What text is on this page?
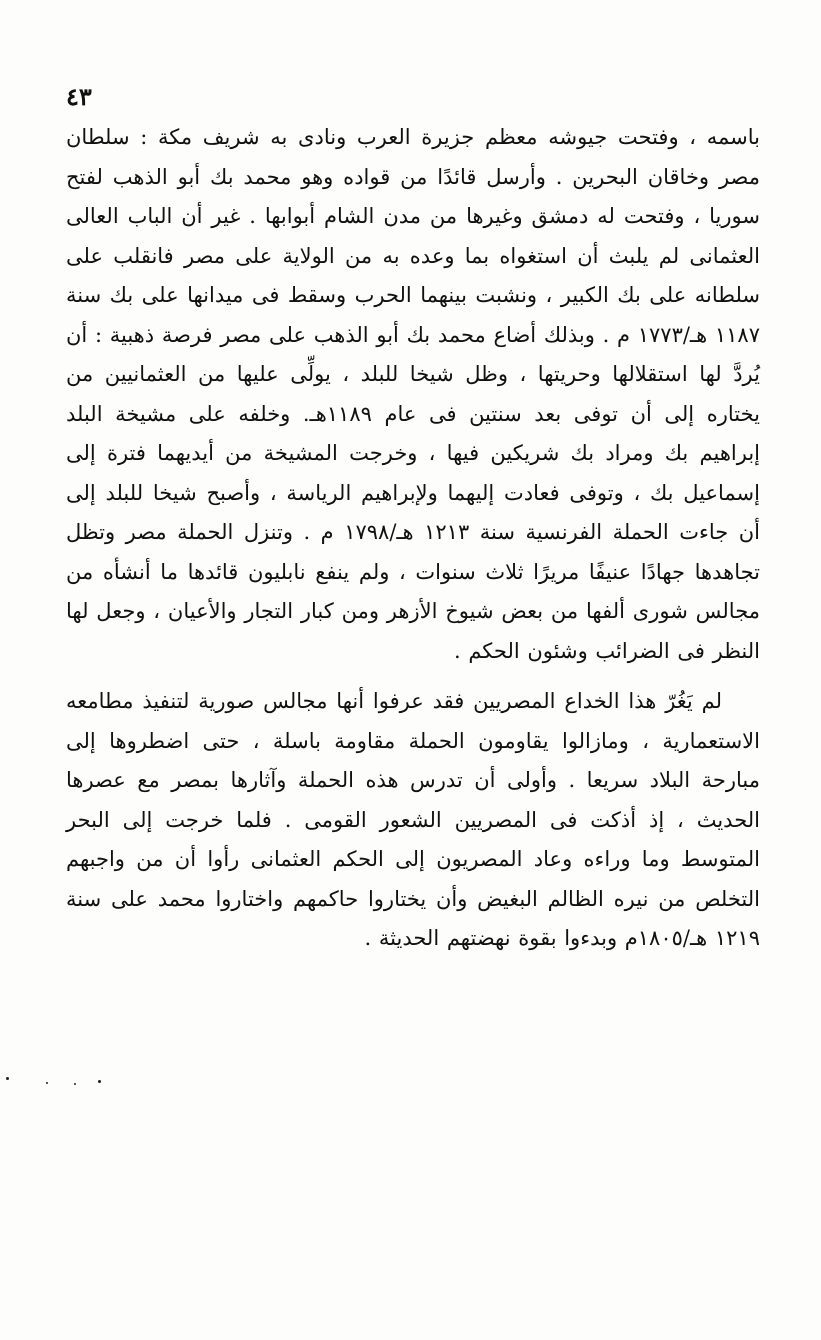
٤٣

باسمه ، وفتحت جيوشه معظم جزيرة العرب ونادى به شريف مكة : سلطان مصر وخاقان البحرين . وأرسل قائدًا من قواده وهو محمد بك أبو الذهب لفتح سوريا ، وفتحت له دمشق وغيرها من مدن الشام أبوابها . غير أن الباب العالى العثمانى لم يلبث أن استغواه بما وعده به من الولاية على مصر فانقلب على سلطانه على بك الكبير ، ونشبت بينهما الحرب وسقط فى ميدانها على بك سنة ١١٨٧ هـ/١٧٧٣ م . وبذلك أضاع محمد بك أبو الذهب على مصر فرصة ذهبية : أن يُردَّ لها استقلالها وحريتها ، وظل شيخا للبلد ، يولِّى عليها من العثمانيين من يختاره إلى أن توفى بعد سنتين فى عام ١١٨٩هـ. وخلفه على مشيخة البلد إبراهيم بك ومراد بك شريكين فيها ، وخرجت المشيخة من أيديهما فترة إلى إسماعيل بك ، وتوفى فعادت إليهما ولإبراهيم الرياسة ، وأصبح شيخا للبلد إلى أن جاءت الحملة الفرنسية سنة ١٢١٣ هـ/١٧٩٨ م . وتنزل الحملة مصر وتظل تجاهدها جهادًا عنيفًا مريرًا ثلاث سنوات ، ولم ينفع نابليون قائدها ما أنشأه من مجالس شورى ألفها من بعض شيوخ الأزهر ومن كبار التجار والأعيان ، وجعل لها النظر فى الضرائب وشئون الحكم .

لم يَغُرّ هذا الخداع المصريين فقد عرفوا أنها مجالس صورية لتنفيذ مطامعه الاستعمارية ، ومازالوا يقاومون الحملة مقاومة باسلة ، حتى اضطروها إلى مبارحة البلاد سريعا . وأولى أن تدرس هذه الحملة وآثارها بمصر مع عصرها الحديث ، إذ أذكت فى المصريين الشعور القومى . فلما خرجت إلى البحر المتوسط وما وراءه وعاد المصريون إلى الحكم العثمانى رأوا أن من واجبهم التخلص من نيره الظالم البغيض وأن يختاروا حاكمهم واختاروا محمد على سنة ١٢١٩ هـ/١٨٠٥م وبدءوا بقوة نهضتهم الحديثة .
